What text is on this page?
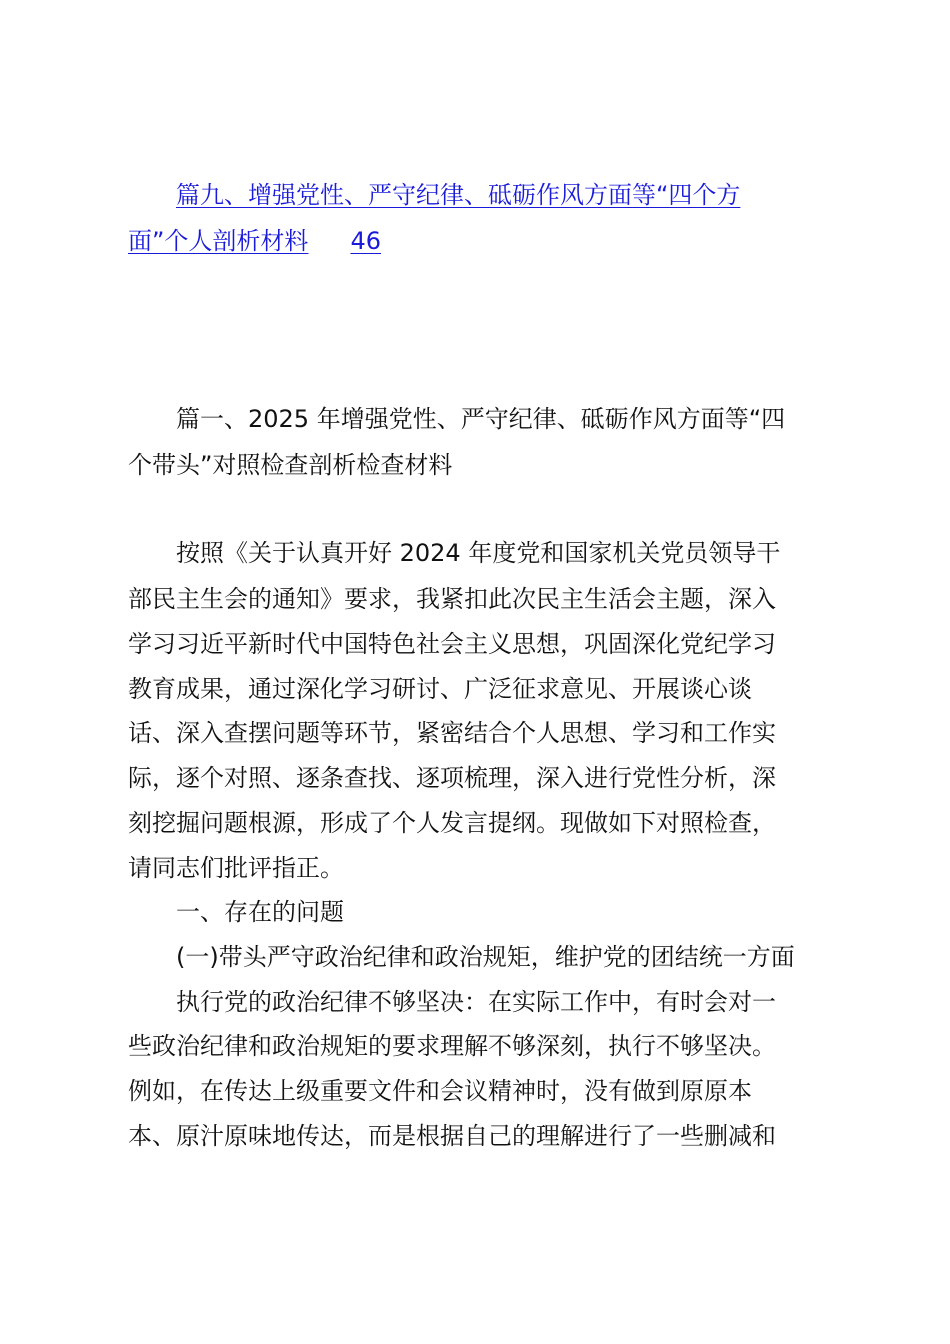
篇九、增强党性、严守纪律、砥砺作风方面等“四个方
面”个人剖析材料 46
篇一、2025 年增强党性、严守纪律、砥砺作风方面等“四
个带头”对照检查剖析检查材料
按照《关于认真开好 2024 年度党和国家机关党员领导干
部民主生会的通知》要求，我紧扣此次民主生活会主题，深入
学习习近平新时代中国特色社会主义思想，巩固深化党纪学习
教育成果，通过深化学习研讨、广泛征求意见、开展谈心谈
话、深入查摆问题等环节，紧密结合个人思想、学习和工作实
际，逐个对照、逐条查找、逐项梳理，深入进行党性分析，深
刻挖掘问题根源，形成了个人发言提纲。现做如下对照检查，
请同志们批评指正。
一、存在的问题
(一)带头严守政治纪律和政治规矩，维护党的团结统一方面
执行党的政治纪律不够坚决：在实际工作中，有时会对一
些政治纪律和政治规矩的要求理解不够深刻，执行不够坚决。
例如，在传达上级重要文件和会议精神时，没有做到原原本
本、原汁原味地传达，而是根据自己的理解进行了一些删减和
